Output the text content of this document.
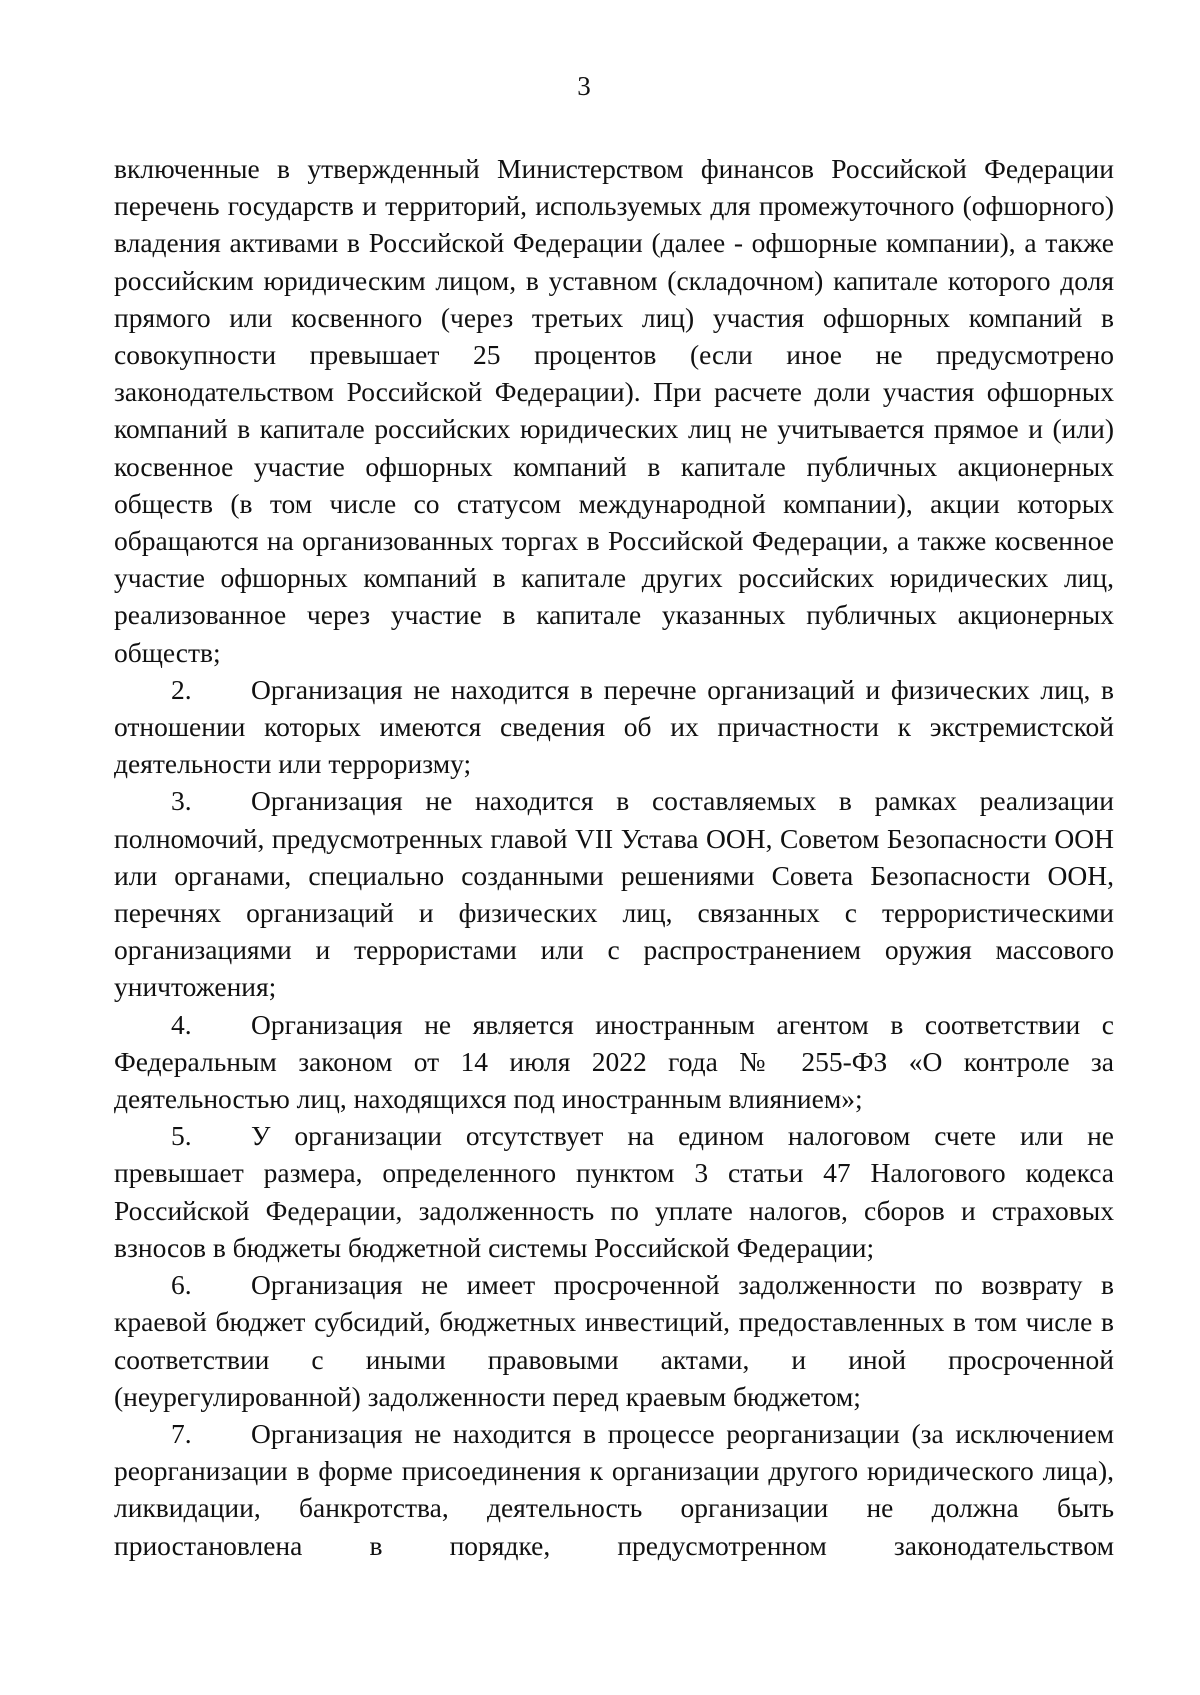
3

включенные в утвержденный Министерством финансов Российской Федерации перечень государств и территорий, используемых для промежуточного (офшорного) владения активами в Российской Федерации (далее - офшорные компании), а также российским юридическим лицом, в уставном (складочном) капитале которого доля прямого или косвенного (через третьих лиц) участия офшорных компаний в совокупности превышает 25 процентов (если иное не предусмотрено законодательством Российской Федерации). При расчете доли участия офшорных компаний в капитале российских юридических лиц не учитывается прямое и (или) косвенное участие офшорных компаний в капитале публичных акционерных обществ (в том числе со статусом международной компании), акции которых обращаются на организованных торгах в Российской Федерации, а также косвенное участие офшорных компаний в капитале других российских юридических лиц, реализованное через участие в капитале указанных публичных акционерных обществ;

2. Организация не находится в перечне организаций и физических лиц, в отношении которых имеются сведения об их причастности к экстремистской деятельности или терроризму;

3. Организация не находится в составляемых в рамках реализации полномочий, предусмотренных главой VII Устава ООН, Советом Безопасности ООН или органами, специально созданными решениями Совета Безопасности ООН, перечнях организаций и физических лиц, связанных с террористическими организациями и террористами или с распространением оружия массового уничтожения;

4. Организация не является иностранным агентом в соответствии с Федеральным законом от 14 июля 2022 года № 255-ФЗ «О контроле за деятельностью лиц, находящихся под иностранным влиянием»;

5. У организации отсутствует на едином налоговом счете или не превышает размера, определенного пунктом 3 статьи 47 Налогового кодекса Российской Федерации, задолженность по уплате налогов, сборов и страховых взносов в бюджеты бюджетной системы Российской Федерации;

6. Организация не имеет просроченной задолженности по возврату в краевой бюджет субсидий, бюджетных инвестиций, предоставленных в том числе в соответствии с иными правовыми актами, и иной просроченной (неурегулированной) задолженности перед краевым бюджетом;

7. Организация не находится в процессе реорганизации (за исключением реорганизации в форме присоединения к организации другого юридического лица), ликвидации, банкротства, деятельность организации не должна быть приостановлена в порядке, предусмотренном законодательством
